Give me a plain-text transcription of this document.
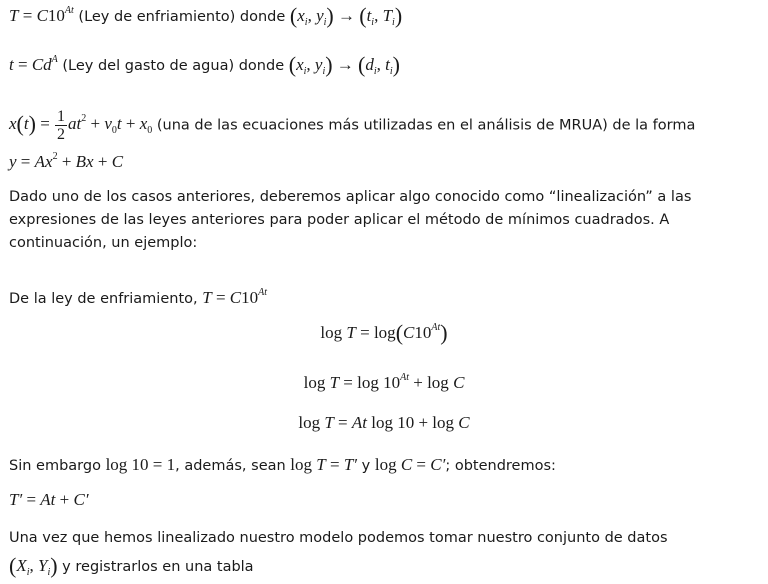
$T = C10^{At}$ (Ley de enfriamiento) donde ($x_i$, $y_i) \to (t_i$, $T_i$)
$t = Cd^A$ (Ley del gasto de agua) donde ($x_i$, $y_i) \to (d_i$, $t_i$)
$x(t) = \frac{1}{2} at^2 + v_0t + x_0$ (una de las ecuaciones más utilizadas en el análisis de MRUA) de la forma
$y = Ax^2 + Bx + C$
Dado uno de los casos anteriores, deberemos aplicar algo conocido como “linealización” a las expresiones de las leyes anteriores para poder aplicar el método de mínimos cuadrados. A continuación, un ejemplo:
De la ley de enfriamiento, $T = C10^{At}$
$\log T = \log(C10^{At})$
$\log T = \log 10^{At} + \log C$
log T = At log 10 + log C
Sin embargo log 10 = 1, además, sean log T = T′ y log C = C′; obtendremos:
T′ = At + C′
Una vez que hemos linealizado nuestro modelo podemos tomar nuestro conjunto de datos
($X_i$, $Y_i$) y registrarlos en una tabla
